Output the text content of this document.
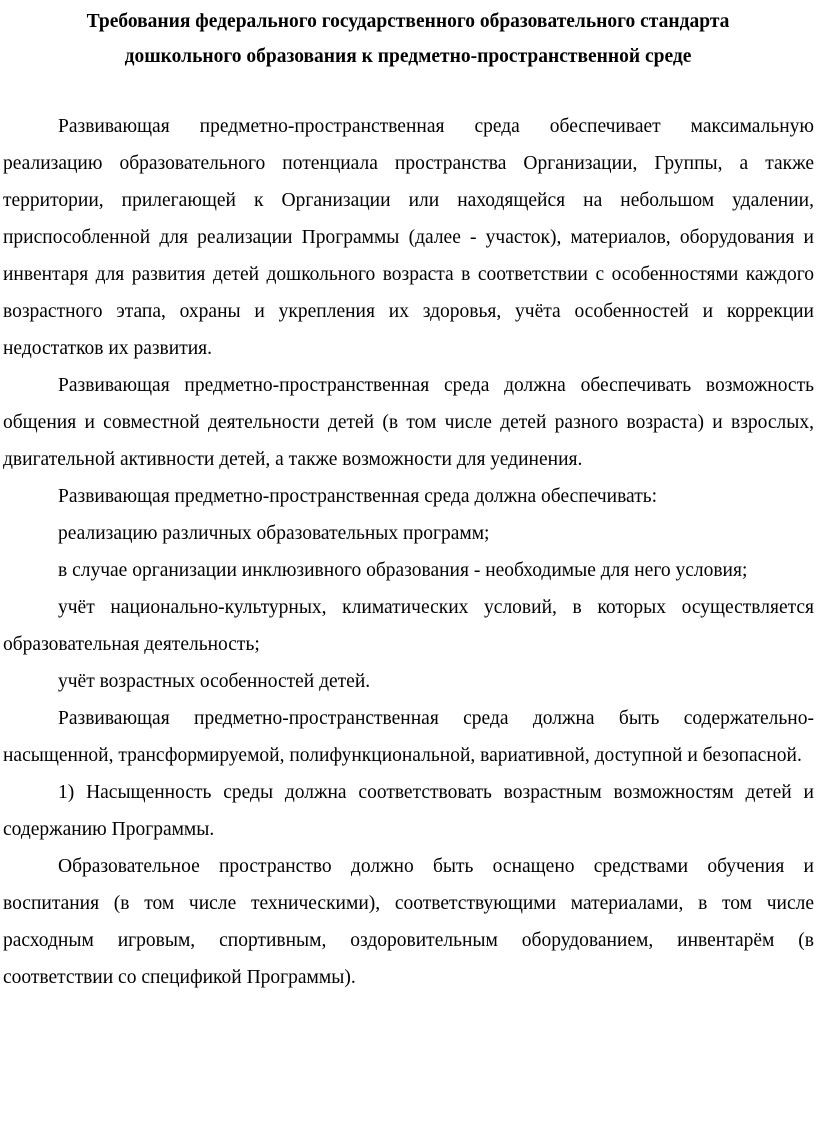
Требования федерального государственного образовательного стандарта
дошкольного образования к предметно-пространственной среде

Развивающая предметно-пространственная среда обеспечивает максимальную реализацию образовательного потенциала пространства Организации, Группы, а также территории, прилегающей к Организации или находящейся на небольшом удалении, приспособленной для реализации Программы (далее - участок), материалов, оборудования и инвентаря для развития детей дошкольного возраста в соответствии с особенностями каждого возрастного этапа, охраны и укрепления их здоровья, учёта особенностей и коррекции недостатков их развития.

Развивающая предметно-пространственная среда должна обеспечивать возможность общения и совместной деятельности детей (в том числе детей разного возраста) и взрослых, двигательной активности детей, а также возможности для уединения.

Развивающая предметно-пространственная среда должна обеспечивать:

реализацию различных образовательных программ;

в случае организации инклюзивного образования - необходимые для него условия;

учёт национально-культурных, климатических условий, в которых осуществляется образовательная деятельность;

учёт возрастных особенностей детей.

Развивающая предметно-пространственная среда должна быть содержательно-насыщенной, трансформируемой, полифункциональной, вариативной, доступной и безопасной.

1) Насыщенность среды должна соответствовать возрастным возможностям детей и содержанию Программы.

Образовательное пространство должно быть оснащено средствами обучения и воспитания (в том числе техническими), соответствующими материалами, в том числе расходным игровым, спортивным, оздоровительным оборудованием, инвентарём (в соответствии со спецификой Программы).
